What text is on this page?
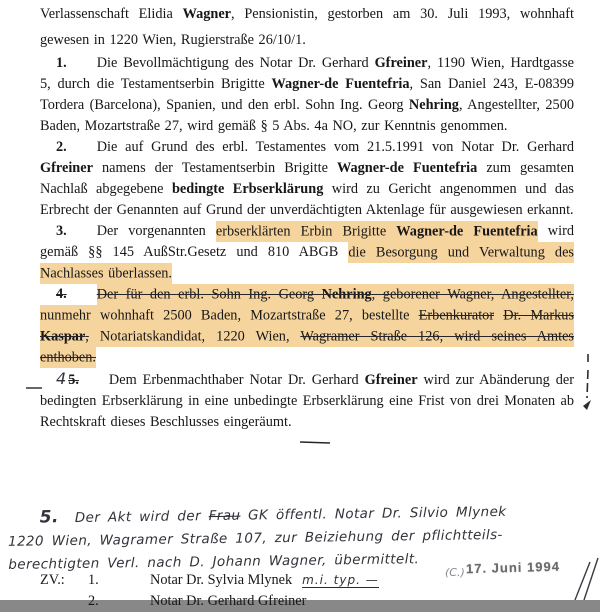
Verlassenschaft Elidia Wagner, Pensionistin, gestorben am 30. Juli 1993, wohnhaft gewesen in 1220 Wien, Rugierstraße 26/10/1.

1. Die Bevollmächtigung des Notar Dr. Gerhard Gfreiner, 1190 Wien, Hardtgasse 5, durch die Testamentserbin Brigitte Wagner-de Fuentefria, San Daniel 243, E-08399 Tordera (Barcelona), Spanien, und den erbl. Sohn Ing. Georg Nehring, Angestellter, 2500 Baden, Mozartstraße 27, wird gemäß § 5 Abs. 4a NO, zur Kenntnis genommen.

2. Die auf Grund des erbl. Testamentes vom 21.5.1991 von Notar Dr. Gerhard Gfreiner namens der Testamentserbin Brigitte Wagner-de Fuentefria zum gesamten Nachlaß abgegebene bedingte Erbserklärung wird zu Gericht angenommen und das Erbrecht der Genannten auf Grund der unverdächtigten Aktenlage für ausgewiesen erkannt.

3. Der vorgenannten erbserklärten Erbin Brigitte Wagner-de Fuentefria wird gemäß §§ 145 AußStr.Gesetz und 810 ABGB die Besorgung und Verwaltung des Nachlasses überlassen.

4. Der für den erbl. Sohn Ing. Georg Nehring, geborener Wagner, Angestellter, nunmehr wohnhaft 2500 Baden, Mozartstraße 27, bestellte Erbenkurator Dr. Markus Kaspar, Notariatskandidat, 1220 Wien, Wagramer Straße 126, wird seines Amtes enthoben.

4 5. Dem Erbenmachthaber Notar Dr. Gerhard Gfreiner wird zur Abänderung der bedingten Erbserklärung in eine unbedingte Erbserklärung eine Frist von drei Monaten ab Rechtskraft dieses Beschlusses eingeräumt.

5. Der Akt wird der Frau GK öffentl. Notar Dr. Silvio Mlynek
1220 Wien, Wagramer Straße 107, zur Beiziehung der pflichtteils-
berechtigten Verl. nach D. Johann Wagner, übermittelt.
ZV.: 1.	Notar Dr. Sylvia Mlynek m.i. typ. —
2.	Notar Dr. Gerhard Gfreiner
17. Juni 1994
(C.)
